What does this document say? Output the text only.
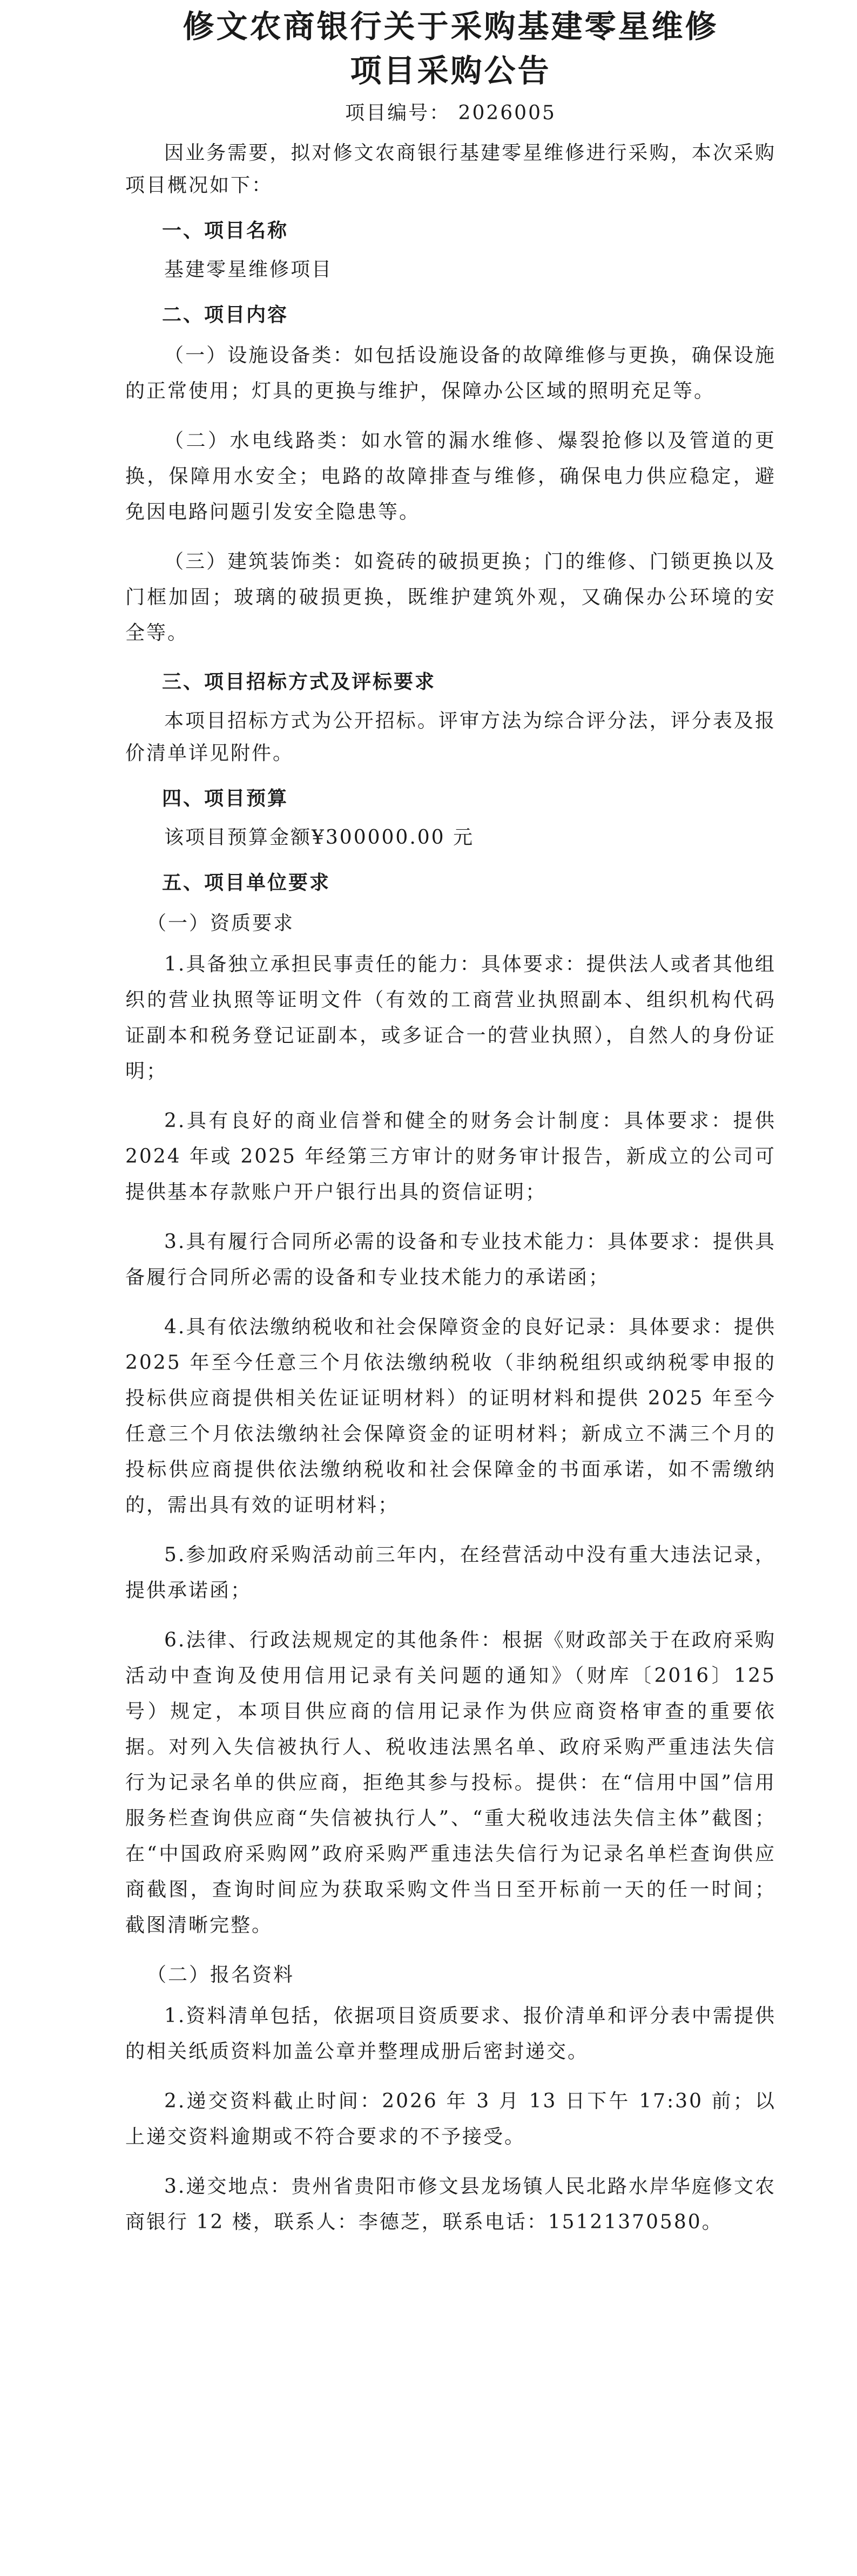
修文农商银行关于采购基建零星维修
项目采购公告
项目编号： 2026005

因业务需要，拟对修文农商银行基建零星维修进行采购，本次采购项目概况如下：

一、项目名称

基建零星维修项目

二、项目内容

（一）设施设备类：如包括设施设备的故障维修与更换，确保设施的正常使用；灯具的更换与维护，保障办公区域的照明充足等。

（二）水电线路类：如水管的漏水维修、爆裂抢修以及管道的更换，保障用水安全；电路的故障排查与维修，确保电力供应稳定，避免因电路问题引发安全隐患等。

（三）建筑装饰类：如瓷砖的破损更换；门的维修、门锁更换以及门框加固；玻璃的破损更换，既维护建筑外观，又确保办公环境的安全等。

三、项目招标方式及评标要求

本项目招标方式为公开招标。评审方法为综合评分法，评分表及报价清单详见附件。

四、项目预算

该项目预算金额¥300000.00 元

五、项目单位要求
（一）资质要求

1.具备独立承担民事责任的能力：具体要求：提供法人或者其他组织的营业执照等证明文件（有效的工商营业执照副本、组织机构代码证副本和税务登记证副本，或多证合一的营业执照），自然人的身份证明；

2.具有良好的商业信誉和健全的财务会计制度：具体要求：提供 2024 年或 2025 年经第三方审计的财务审计报告，新成立的公司可提供基本存款账户开户银行出具的资信证明；

3.具有履行合同所必需的设备和专业技术能力：具体要求：提供具备履行合同所必需的设备和专业技术能力的承诺函；

4.具有依法缴纳税收和社会保障资金的良好记录：具体要求：提供 2025 年至今任意三个月依法缴纳税收（非纳税组织或纳税零申报的投标供应商提供相关佐证证明材料）的证明材料和提供 2025 年至今任意三个月依法缴纳社会保障资金的证明材料；新成立不满三个月的投标供应商提供依法缴纳税收和社会保障金的书面承诺，如不需缴纳的，需出具有效的证明材料；

5.参加政府采购活动前三年内，在经营活动中没有重大违法记录，提供承诺函；

6.法律、行政法规规定的其他条件：根据《财政部关于在政府采购活动中查询及使用信用记录有关问题的通知》（财库〔2016〕125 号）规定，本项目供应商的信用记录作为供应商资格审查的重要依据。对列入失信被执行人、税收违法黑名单、政府采购严重违法失信行为记录名单的供应商，拒绝其参与投标。提供：在“信用中国”信用服务栏查询供应商“失信被执行人”、“重大税收违法失信主体”截图；在“中国政府采购网”政府采购严重违法失信行为记录名单栏查询供应商截图，查询时间应为获取采购文件当日至开标前一天的任一时间；截图清晰完整。

（二）报名资料

1.资料清单包括，依据项目资质要求、报价清单和评分表中需提供的相关纸质资料加盖公章并整理成册后密封递交。

2.递交资料截止时间：2026 年 3 月 13 日下午 17:30 前；以上递交资料逾期或不符合要求的不予接受。

3.递交地点：贵州省贵阳市修文县龙场镇人民北路水岸华庭修文农商银行 12 楼，联系人：李德芝，联系电话：15121370580。
